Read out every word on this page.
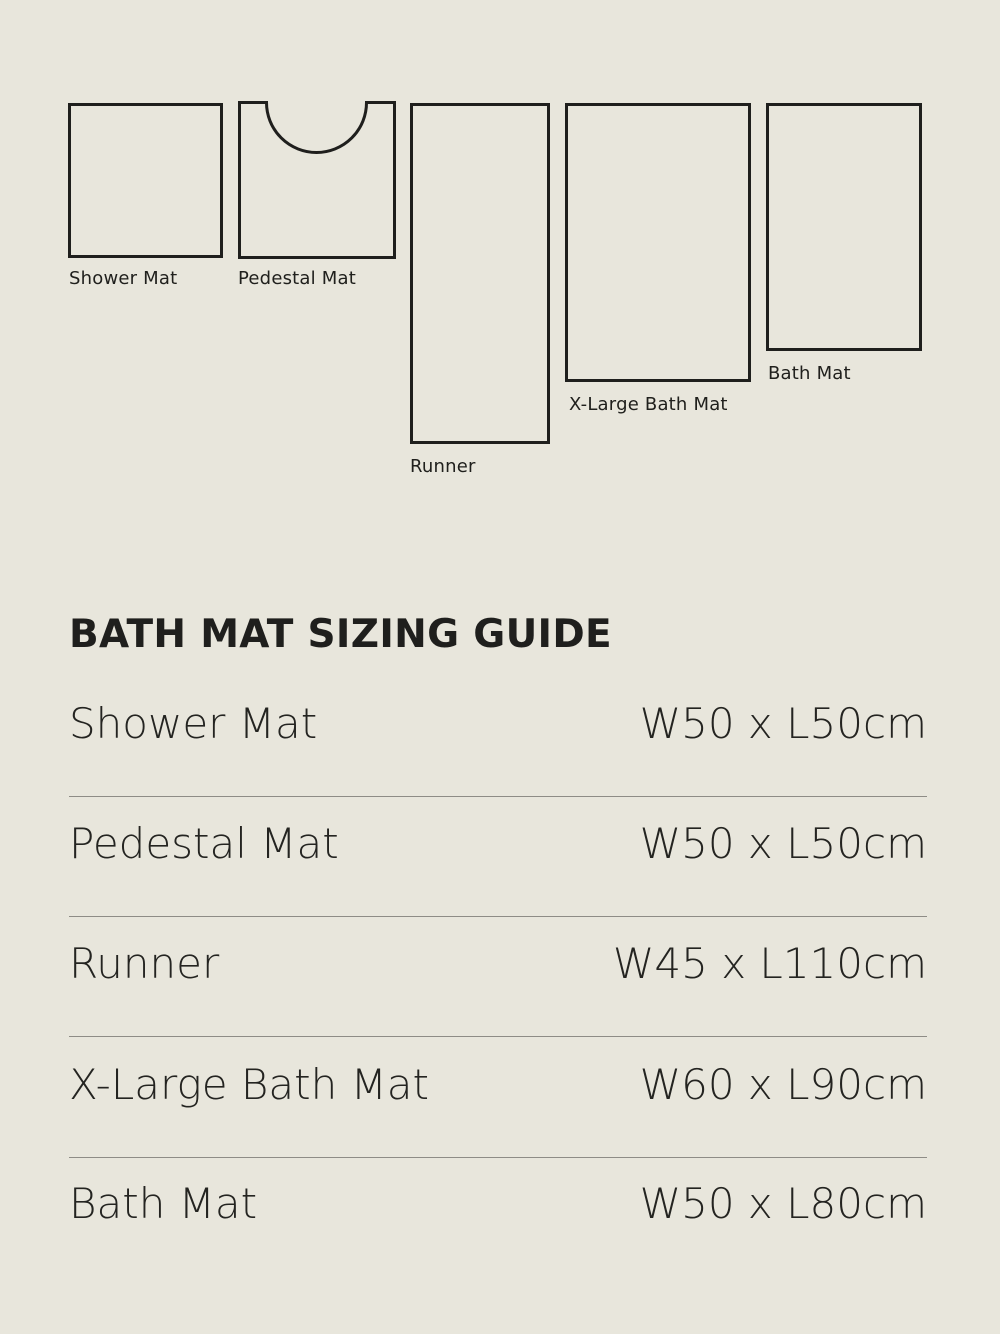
Shower Mat	Pedestal Mat
Runner
X-Large Bath Mat
Bath Mat
BATH MAT SIZING GUIDE
Shower Mat	W50 x L50cm
Pedestal Mat	W50 x L50cm
Runner	W45 x L110cm
X-Large Bath Mat	W60 x L90cm
Bath Mat	W50 x L80cm
